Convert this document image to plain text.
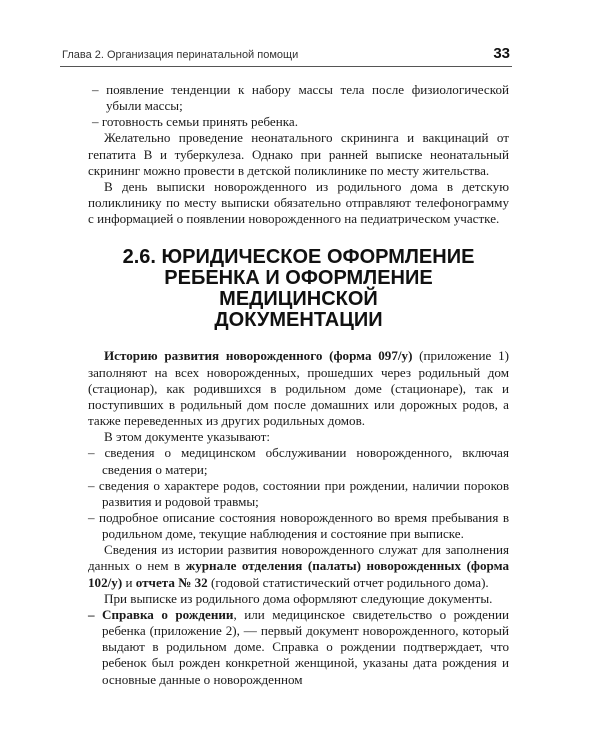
Глава 2. Организация перинатальной помощи	33

– появление тенденции к набору массы тела после физиологической убыли массы;

– готовность семьи принять ребенка.

Желательно проведение неонатального скрининга и вакцинаций от гепатита В и туберкулеза. Однако при ранней выписке неонатальный скрининг можно провести в детской поликлинике по месту жительства.

В день выписки новорожденного из родильного дома в детскую поликлинику по месту выписки обязательно отправляют телефонограмму с информацией о появлении новорожденного на педиатрическом участке.

2.6. ЮРИДИЧЕСКОЕ ОФОРМЛЕНИЕ
РЕБЕНКА И ОФОРМЛЕНИЕ МЕДИЦИНСКОЙ
ДОКУМЕНТАЦИИ

Историю развития новорожденного (форма 097/у) (приложение 1) заполняют на всех новорожденных, прошедших через родильный дом (стационар), как родившихся в родильном доме (стационаре), так и поступивших в родильный дом после домашних или дорожных родов, а также переведенных из других родильных домов.

В этом документе указывают:

– сведения о медицинском обслуживании новорожденного, включая сведения о матери;

– сведения о характере родов, состоянии при рождении, наличии пороков развития и родовой травмы;

– подробное описание состояния новорожденного во время пребывания в родильном доме, текущие наблюдения и состояние при выписке.

Сведения из истории развития новорожденного служат для заполнения данных о нем в журнале отделения (палаты) новорожденных (форма 102/у) и отчета № 32 (годовой статистический отчет родильного дома).

При выписке из родильного дома оформляют следующие документы.

– Справка о рождении, или медицинское свидетельство о рождении ребенка (приложение 2), — первый документ новорожденного, который выдают в родильном доме. Справка о рождении подтверждает, что ребенок был рожден конкретной женщиной, указаны дата рождения и основные данные о новорожденном
